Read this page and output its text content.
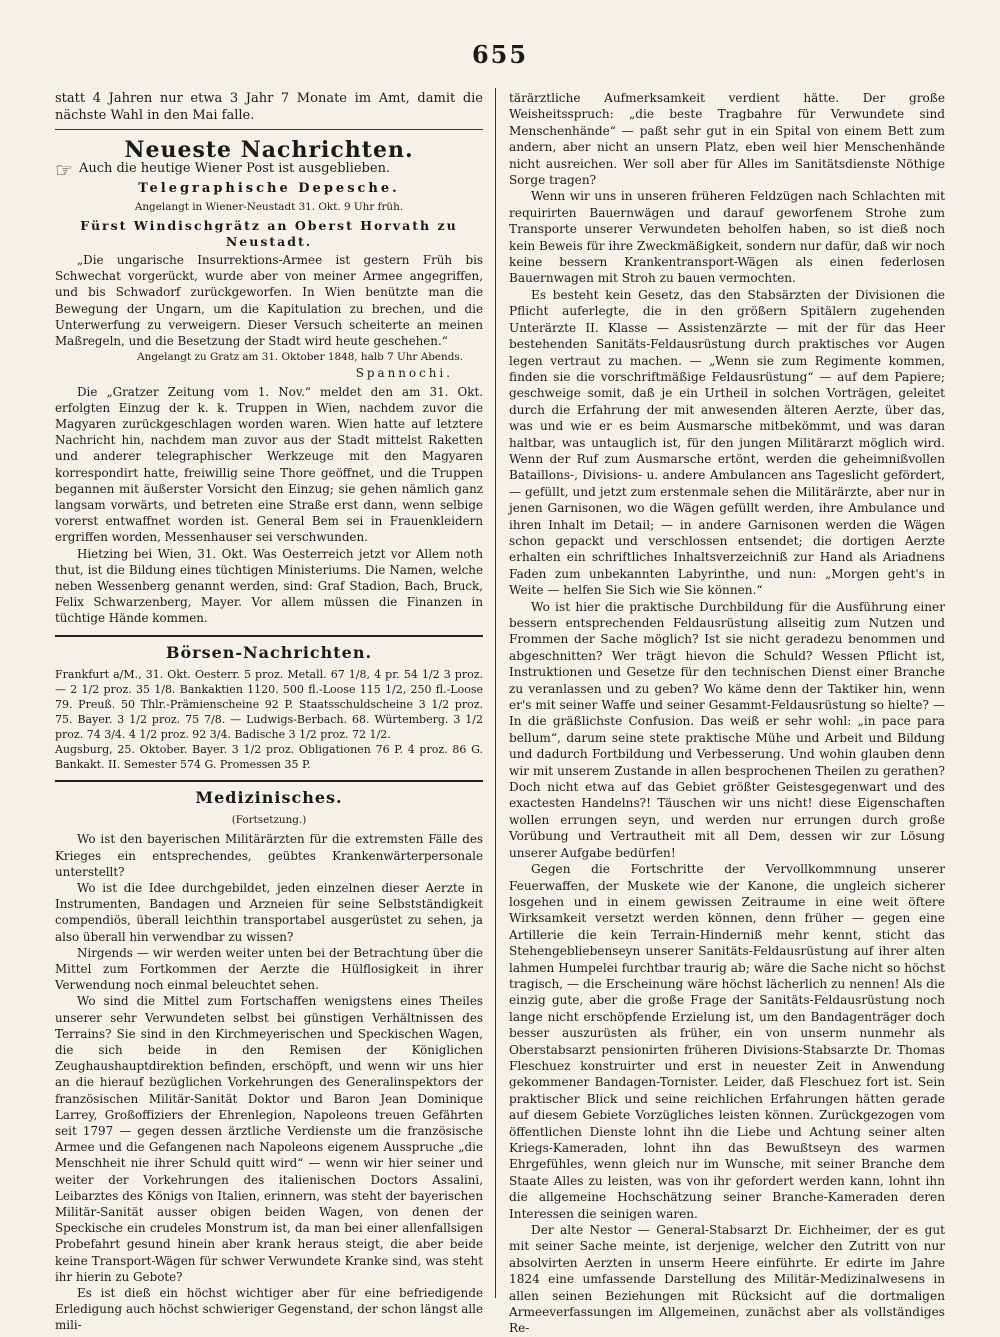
655

statt 4 Jahren nur etwa 3 Jahr 7 Monate im Amt, damit die nächste Wahl in den Mai falle.

Neueste Nachrichten.
☞ Auch die heutige Wiener Post ist ausgeblieben.
Telegraphische Depesche.
Angelangt in Wiener-Neustadt 31. Okt. 9 Uhr früh.
Fürst Windischgrätz an Oberst Horvath zu Neustadt.

„Die ungarische Insurrektions-Armee ist gestern Früh bis Schwechat vorgerückt, wurde aber von meiner Armee angegriffen, und bis Schwadorf zurückgeworfen. In Wien benützte man die Bewegung der Ungarn, um die Kapitulation zu brechen, und die Unterwerfung zu verweigern. Dieser Versuch scheiterte an meinen Maßregeln, und die Besetzung der Stadt wird heute geschehen.“

Angelangt zu Gratz am 31. Oktober 1848, halb 7 Uhr Abends.
Spannochi.

Die „Gratzer Zeitung vom 1. Nov.“ meldet den am 31. Okt. erfolgten Einzug der k. k. Truppen in Wien, nachdem zuvor die Magyaren zurückgeschlagen worden waren. Wien hatte auf letztere Nachricht hin, nachdem man zuvor aus der Stadt mittelst Raketten und anderer telegraphischer Werkzeuge mit den Magyaren korrespondirt hatte, freiwillig seine Thore geöffnet, und die Truppen begannen mit äußerster Vorsicht den Einzug; sie gehen nämlich ganz langsam vorwärts, und betreten eine Straße erst dann, wenn selbige vorerst entwaffnet worden ist. General Bem sei in Frauenkleidern ergriffen worden, Messenhauser sei verschwunden.

Hietzing bei Wien, 31. Okt. Was Oesterreich jetzt vor Allem noth thut, ist die Bildung eines tüchtigen Ministeriums. Die Namen, welche neben Wessenberg genannt werden, sind: Graf Stadion, Bach, Bruck, Felix Schwarzenberg, Mayer. Vor allem müssen die Finanzen in tüchtige Hände kommen.

Börsen-Nachrichten.

Frankfurt a/M., 31. Okt. Oesterr. 5 proz. Metall. 67 1/8, 4 pr. 54 1/2 3 proz. — 2 1/2 proz. 35 1/8. Bankaktien 1120. 500 fl.-Loose 115 1/2, 250 fl.-Loose 79. Preuß. 50 Thlr.-Prämienscheine 92 P. Staatsschuldscheine 3 1/2 proz. 75. Bayer. 3 1/2 proz. 75 7/8. — Ludwigs-Berbach. 68. Würtemberg. 3 1/2 proz. 74 3/4. 4 1/2 proz. 92 3/4. Badische 3 1/2 proz. 72 1/2.

Augsburg, 25. Oktober. Bayer. 3 1/2 proz. Obligationen 76 P. 4 proz. 86 G. Bankakt. II. Semester 574 G. Promessen 35 P.

Medizinisches.
(Fortsetzung.)

Wo ist den bayerischen Militärärzten für die extremsten Fälle des Krieges ein entsprechendes, geübtes Krankenwärterpersonale unterstellt?

Wo ist die Idee durchgebildet, jeden einzelnen dieser Aerzte in Instrumenten, Bandagen und Arzneien für seine Selbstständigkeit compendiös, überall leichthin transportabel ausgerüstet zu sehen, ja also überall hin verwendbar zu wissen?

Nirgends — wir werden weiter unten bei der Betrachtung über die Mittel zum Fortkommen der Aerzte die Hülflosigkeit in ihrer Verwendung noch einmal beleuchtet sehen.

Wo sind die Mittel zum Fortschaffen wenigstens eines Theiles unserer sehr Verwundeten selbst bei günstigen Verhältnissen des Terrains? Sie sind in den Kirchmeyerischen und Speckischen Wagen, die sich beide in den Remisen der Königlichen Zeughaushauptdirektion befinden, erschöpft, und wenn wir uns hier an die hierauf bezüglichen Vorkehrungen des Generalinspektors der französischen Militär-Sanität Doktor und Baron Jean Dominique Larrey, Großoffiziers der Ehrenlegion, Napoleons treuen Gefährten seit 1797 — gegen dessen ärztliche Verdienste um die französische Armee und die Gefangenen nach Napoleons eigenem Ausspruche „die Menschheit nie ihrer Schuld quitt wird“ — wenn wir hier seiner und weiter der Vorkehrungen des italienischen Doctors Assalini, Leibarztes des Königs von Italien, erinnern, was steht der bayerischen Militär-Sanität ausser obigen beiden Wagen, von denen der Speckische ein crudeles Monstrum ist, da man bei einer allenfallsigen Probefahrt gesund hinein aber krank heraus steigt, die aber beide keine Transport-Wägen für schwer Verwundete Kranke sind, was steht ihr hierin zu Gebote?

Es ist dieß ein höchst wichtiger aber für eine befriedigende Erledigung auch höchst schwieriger Gegenstand, der schon längst alle mili-

tärärztliche Aufmerksamkeit verdient hätte. Der große Weisheitsspruch: „die beste Tragbahre für Verwundete sind Menschenhände“ — paßt sehr gut in ein Spital von einem Bett zum andern, aber nicht an unsern Platz, eben weil hier Menschenhände nicht ausreichen. Wer soll aber für Alles im Sanitätsdienste Nöthige Sorge tragen?

Wenn wir uns in unseren früheren Feldzügen nach Schlachten mit requirirten Bauernwägen und darauf geworfenem Strohe zum Transporte unserer Verwundeten beholfen haben, so ist dieß noch kein Beweis für ihre Zweckmäßigkeit, sondern nur dafür, daß wir noch keine bessern Krankentransport-Wägen als einen federlosen Bauernwagen mit Stroh zu bauen vermochten.

Es besteht kein Gesetz, das den Stabsärzten der Divisionen die Pflicht auferlegte, die in den größern Spitälern zugehenden Unterärzte II. Klasse — Assistenzärzte — mit der für das Heer bestehenden Sanitäts-Feldausrüstung durch praktisches vor Augen legen vertraut zu machen. — „Wenn sie zum Regimente kommen, finden sie die vorschriftmäßige Feldausrüstung“ — auf dem Papiere; geschweige somit, daß je ein Urtheil in solchen Vorträgen, geleitet durch die Erfahrung der mit anwesenden älteren Aerzte, über das, was und wie er es beim Ausmarsche mitbekömmt, und was daran haltbar, was untauglich ist, für den jungen Militärarzt möglich wird. Wenn der Ruf zum Ausmarsche ertönt, werden die geheimnißvollen Bataillons-, Divisions- u. andere Ambulancen ans Tageslicht gefördert, — gefüllt, und jetzt zum erstenmale sehen die Militärärzte, aber nur in jenen Garnisonen, wo die Wägen gefüllt werden, ihre Ambulance und ihren Inhalt im Detail; — in andere Garnisonen werden die Wägen schon gepackt und verschlossen entsendet; die dortigen Aerzte erhalten ein schriftliches Inhaltsverzeichniß zur Hand als Ariadnens Faden zum unbekannten Labyrinthe, und nun: „Morgen geht's in Weite — helfen Sie Sich wie Sie können.“

Wo ist hier die praktische Durchbildung für die Ausführung einer bessern entsprechenden Feldausrüstung allseitig zum Nutzen und Frommen der Sache möglich? Ist sie nicht geradezu benommen und abgeschnitten? Wer trägt hievon die Schuld? Wessen Pflicht ist, Instruktionen und Gesetze für den technischen Dienst einer Branche zu veranlassen und zu geben? Wo käme denn der Taktiker hin, wenn er's mit seiner Waffe und seiner Gesammt-Feldausrüstung so hielte? — In die gräßlichste Confusion. Das weiß er sehr wohl: „in pace para bellum“, darum seine stete praktische Mühe und Arbeit und Bildung und dadurch Fortbildung und Verbesserung. Und wohin glauben denn wir mit unserem Zustande in allen besprochenen Theilen zu gerathen? Doch nicht etwa auf das Gebiet größter Geistesgegenwart und des exactesten Handelns?! Täuschen wir uns nicht! diese Eigenschaften wollen errungen seyn, und werden nur errungen durch große Vorübung und Vertrautheit mit all Dem, dessen wir zur Lösung unserer Aufgabe bedürfen!

Gegen die Fortschritte der Vervollkommnung unserer Feuerwaffen, der Muskete wie der Kanone, die ungleich sicherer losgehen und in einem gewissen Zeitraume in eine weit öftere Wirksamkeit versetzt werden können, denn früher — gegen eine Artillerie die kein Terrain-Hinderniß mehr kennt, sticht das Stehengebliebenseyn unserer Sanitäts-Feldausrüstung auf ihrer alten lahmen Humpelei furchtbar traurig ab; wäre die Sache nicht so höchst tragisch, — die Erscheinung wäre höchst lächerlich zu nennen! Als die einzig gute, aber die große Frage der Sanitäts-Feldausrüstung noch lange nicht erschöpfende Erzielung ist, um den Bandagenträger doch besser auszurüsten als früher, ein von unserm nunmehr als Oberstabsarzt pensionirten früheren Divisions-Stabsarzte Dr. Thomas Fleschuez konstruirter und erst in neuester Zeit in Anwendung gekommener Bandagen-Tornister. Leider, daß Fleschuez fort ist. Sein praktischer Blick und seine reichlichen Erfahrungen hätten gerade auf diesem Gebiete Vorzügliches leisten können. Zurückgezogen vom öffentlichen Dienste lohnt ihn die Liebe und Achtung seiner alten Kriegs-Kameraden, lohnt ihn das Bewußtseyn des warmen Ehrgefühles, wenn gleich nur im Wunsche, mit seiner Branche dem Staate Alles zu leisten, was von ihr gefordert werden kann, lohnt ihn die allgemeine Hochschätzung seiner Branche-Kameraden deren Interessen die seinigen waren.

Der alte Nestor — General-Stabsarzt Dr. Eichheimer, der es gut mit seiner Sache meinte, ist derjenige, welcher den Zutritt von nur absolvirten Aerzten in unserm Heere einführte. Er edirte im Jahre 1824 eine umfassende Darstellung des Militär-Medizinalwesens in allen seinen Beziehungen mit Rücksicht auf die dortmaligen Armeeverfassungen im Allgemeinen, zunächst aber als vollständiges Re-
